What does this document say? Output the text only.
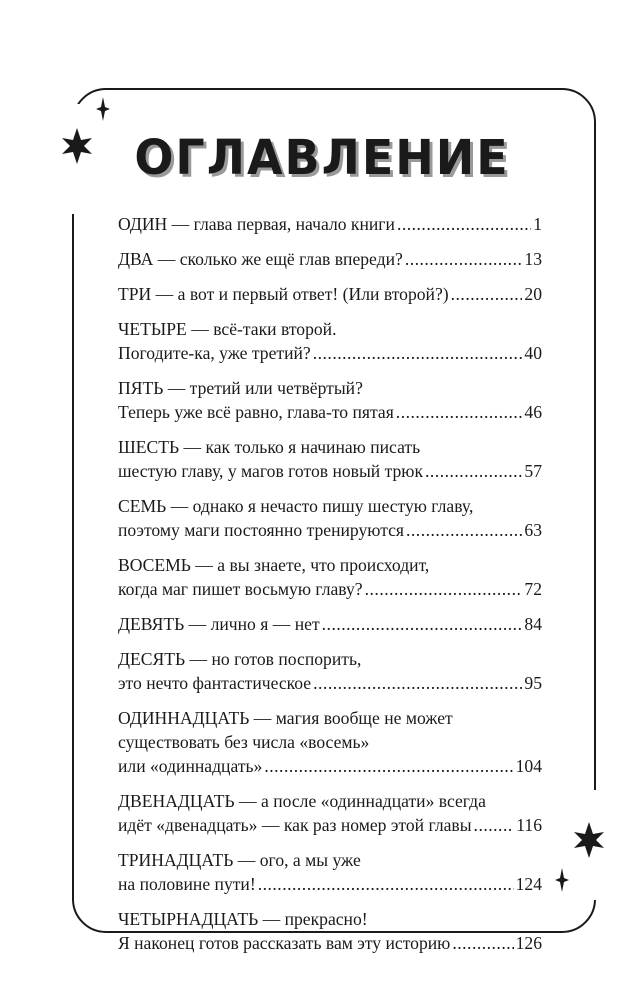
ОГЛАВЛЕНИЕ
ОДИН — глава первая, начало книги .....	1
ДВА — сколько же ещё глав впереди? .....	13
ТРИ — а вот и первый ответ! (Или второй?) .....	20
ЧЕТЫРЕ — всё-таки второй.
Погодите-ка, уже третий? .....	40
ПЯТЬ — третий или четвёртый?
Теперь уже всё равно, глава-то пятая .....	46
ШЕСТЬ — как только я начинаю писать
шестую главу, у магов готов новый трюк .....	57
СЕМЬ — однако я нечасто пишу шестую главу,
поэтому маги постоянно тренируются .....	63
ВОСЕМЬ — а вы знаете, что происходит,
когда маг пишет восьмую главу? .....	72
ДЕВЯТЬ — лично я — нет .....	84
ДЕСЯТЬ — но готов поспорить,
это нечто фантастическое .....	95
ОДИННАДЦАТЬ — магия вообще не может
существовать без числа «восемь»
или «одиннадцать» .....	104
ДВЕНАДЦАТЬ — а после «одиннадцати» всегда
идёт «двенадцать» — как раз номер этой главы .....	116
ТРИНАДЦАТЬ — ого, а мы уже
на половине пути! .....	124
ЧЕТЫРНАДЦАТЬ — прекрасно!
Я наконец готов рассказать вам эту историю .....	126
